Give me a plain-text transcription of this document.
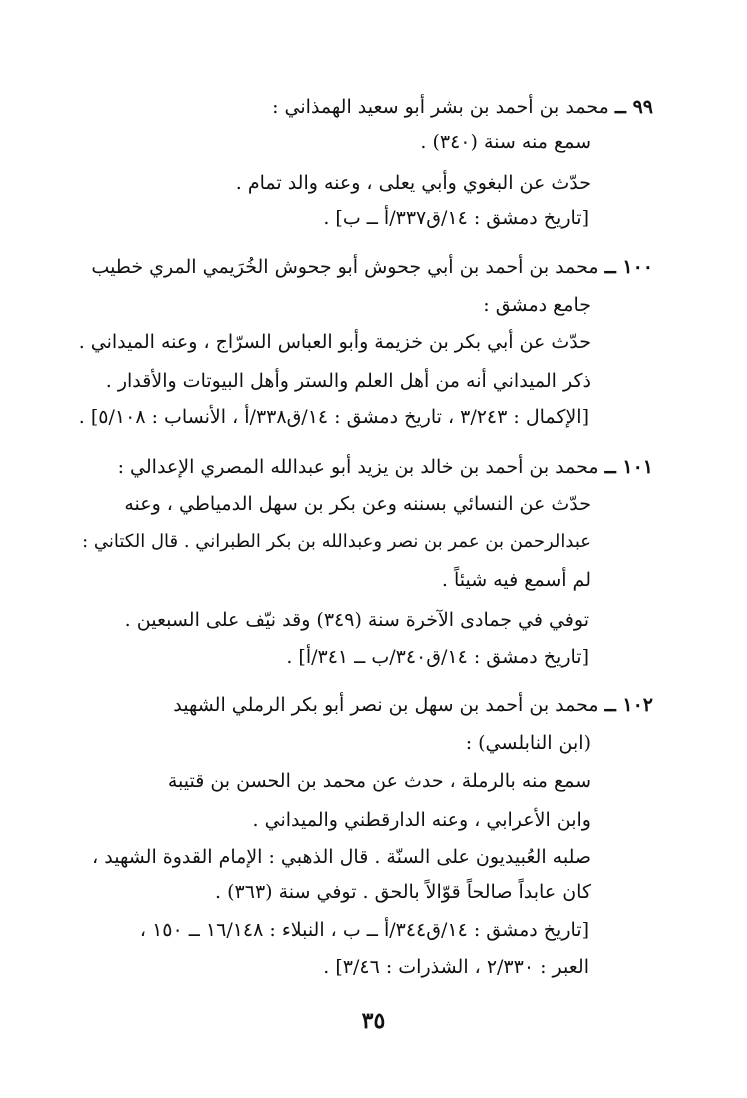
٩٩ ــ محمد بن أحمد بن بشر أبو سعيد الهمذاني :
سمع منه سنة (٣٤٠) .
حدّث عن البغوي وأبي يعلى ، وعنه والد تمام .
[تاريخ دمشق : ١٤/ق٣٣٧/أ ــ ب] .
١٠٠ ــ محمد بن أحمد بن أبي جحوش أبو جحوش الخُرَيمي المري خطيب
جامع دمشق :
حدّث عن أبي بكر بن خزيمة وأبو العباس السرّاج ، وعنه الميداني .
ذكر الميداني أنه من أهل العلم والستر وأهل البيوتات والأقدار .
[الإكمال : ٣/٢٤٣ ، تاريخ دمشق : ١٤/ق٣٣٨/أ ، الأنساب : ٥/١٠٨] .
١٠١ ــ محمد بن أحمد بن خالد بن يزيد أبو عبدالله المصري الإعدالي :
حدّث عن النسائي بسننه وعن بكر بن سهل الدمياطي ، وعنه
عبدالرحمن بن عمر بن نصر وعبدالله بن بكر الطبراني . قال الكتاني :
لم أسمع فيه شيئاً .
توفي في جمادى الآخرة سنة (٣٤٩) وقد نيّف على السبعين .
[تاريخ دمشق : ١٤/ق٣٤٠/ب ــ ٣٤١/أ] .
١٠٢ ــ محمد بن أحمد بن سهل بن نصر أبو بكر الرملي الشهيد
(ابن النابلسي) :
سمع منه بالرملة ، حدث عن محمد بن الحسن بن قتيبة
وابن الأعرابي ، وعنه الدارقطني والميداني .
صلبه العُبيديون على السنّة . قال الذهبي : الإمام القدوة الشهيد ،
كان عابداً صالحاً قوّالاً بالحق . توفي سنة (٣٦٣) .
[تاريخ دمشق : ١٤/ق٣٤٤/أ ــ ب ، النبلاء : ١٦/١٤٨ ــ ١٥٠ ،
العبر : ٢/٣٣٠ ، الشذرات : ٣/٤٦] .
٣٥
